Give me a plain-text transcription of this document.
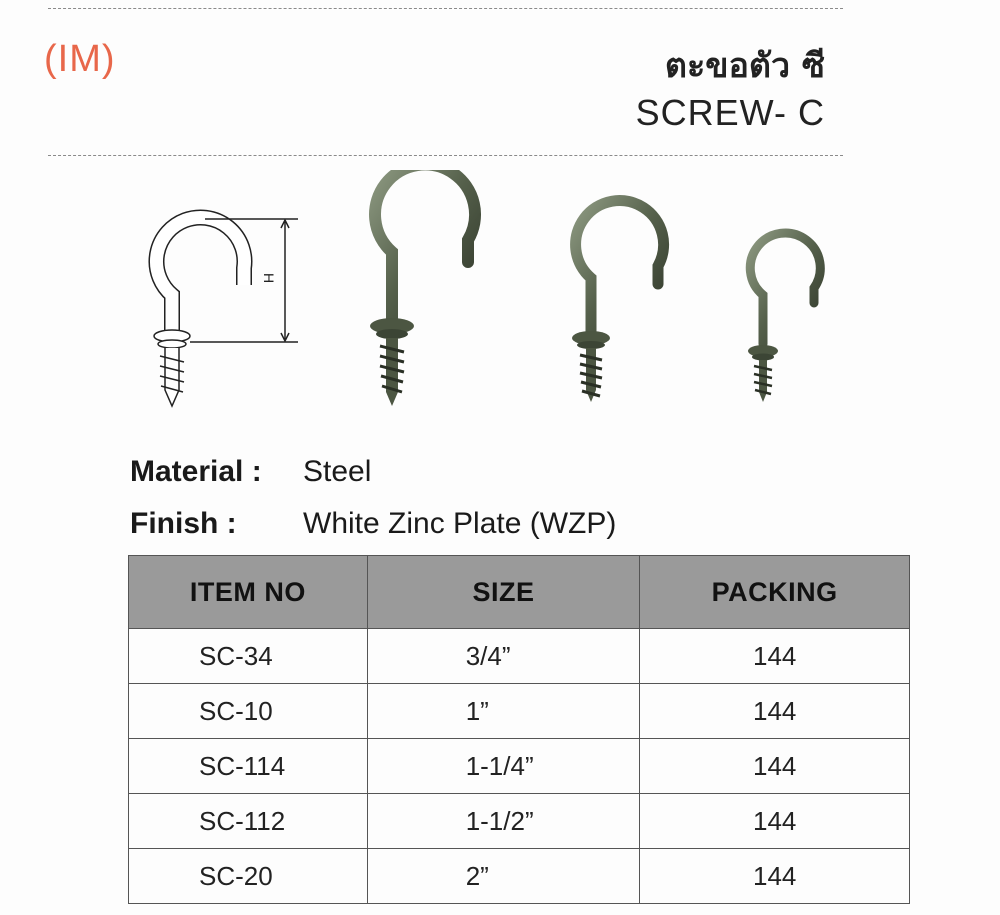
(IM)	ตะขอตัว ซี
SCREW- C
H
Material : Steel
Finish : White Zinc Plate (WZP)
ITEM NO	SIZE	PACKING
SC-34	3/4”	144
SC-10	1”	144
SC-114	1-1/4”	144
SC-112	1-1/2”	144
SC-20	2”	144
